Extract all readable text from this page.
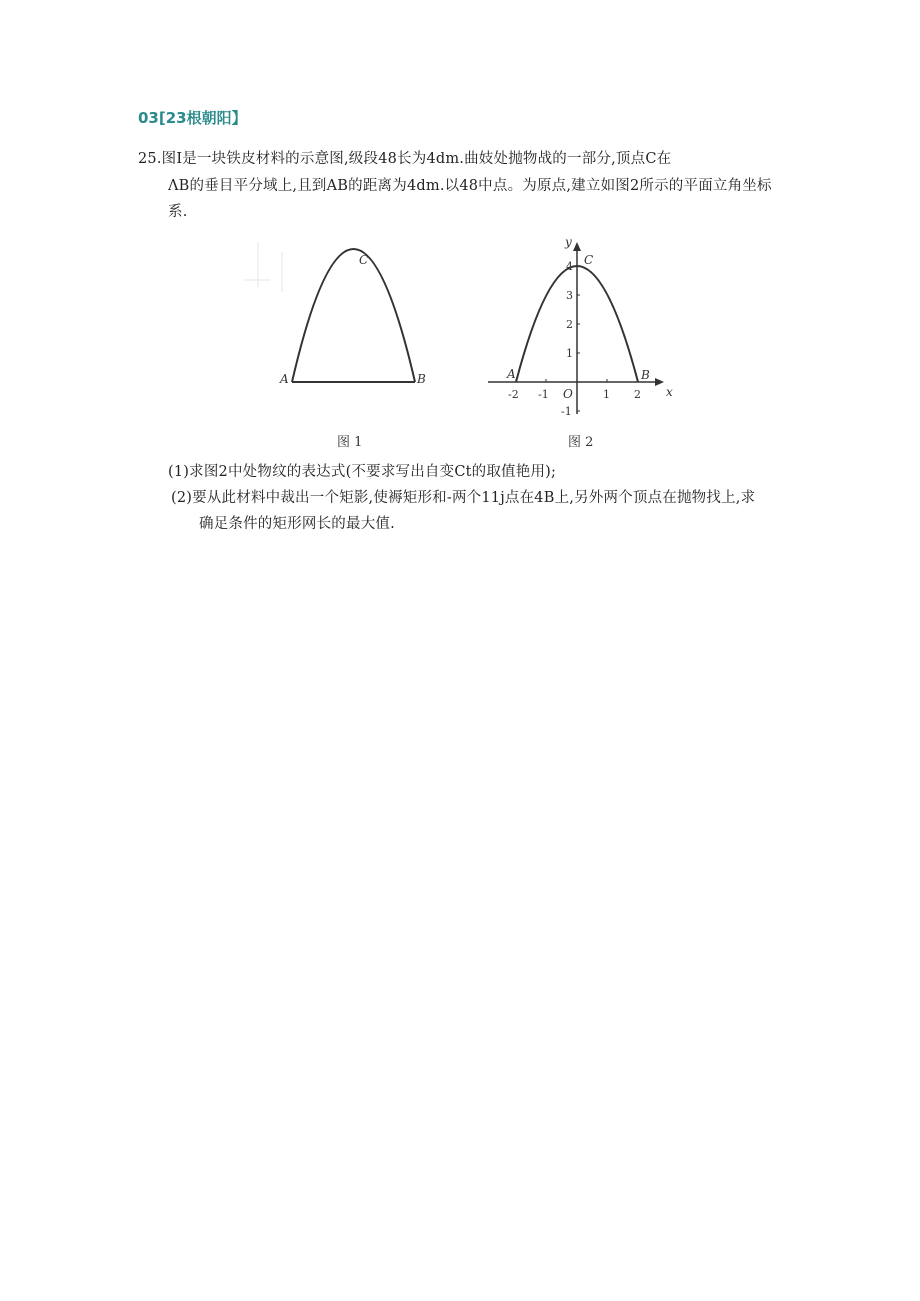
03[23根朝阳】
25.图I是一块铁皮材料的示意图,级段48长为4dm.曲妓处抛物战的一部分,顶点C在
ΛB的垂目平分域上,且到AB的距离为4dm.以48中点。为原点,建立如图2所示的平面立角坐标
系.
A	B
C
图 1
A	B
C
x
y
O
-2 -1	1 2
4
3
2
1
-1
图 2
(1)求图2中处物纹的表达式(不要求写出自变Ct的取值艳用);
(2)要从此材料中裁出一个矩影,使褥矩形和-两个11j点在4B上,另外两个顶点在抛物找上,求
确足条件的矩形网长的最大值.
